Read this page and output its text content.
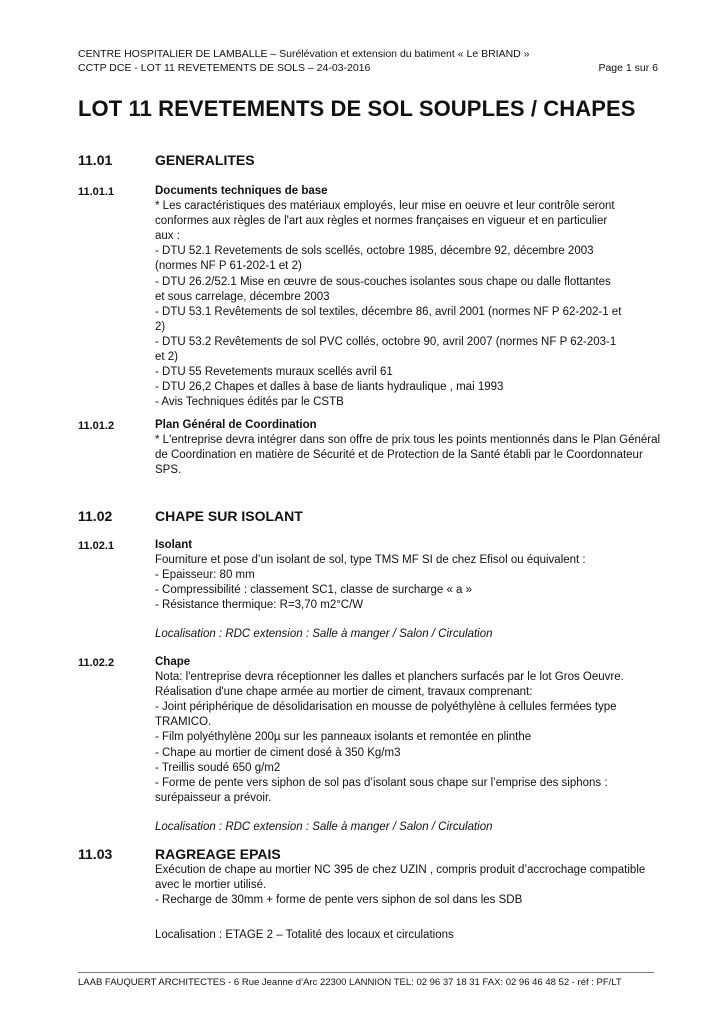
CENTRE HOSPITALIER DE LAMBALLE – Surélévation et extension du batiment « Le BRIAND »
CCTP DCE - LOT 11 REVETEMENTS DE SOLS – 24-03-2016	Page 1 sur 6
LOT 11 REVETEMENTS DE SOL SOUPLES / CHAPES
11.01	GENERALITES
11.01.1	Documents techniques de base
* Les caractéristiques des matériaux employés, leur mise en oeuvre et leur contrôle seront
conformes aux règles de l'art aux règles et normes françaises en vigueur et en particulier
aux :
- DTU 52.1 Revetements de sols scellés, octobre 1985, décembre 92, décembre 2003
(normes NF P 61-202-1 et 2)
- DTU 26.2/52.1 Mise en œuvre de sous-couches isolantes sous chape ou dalle flottantes
et sous carrelage, décembre 2003
- DTU 53.1 Revêtements de sol textiles, décembre 86, avril 2001 (normes NF P 62-202-1 et
2)
- DTU 53.2 Revêtements de sol PVC collés, octobre 90, avril 2007 (normes NF P 62-203-1
et 2)
- DTU 55 Revetements muraux scellés avril 61
- DTU 26,2 Chapes et dalles à base de liants hydraulique , mai 1993
- Avis Techniques édités par le CSTB
11.01.2	Plan Général de Coordination
* L'entreprise devra intégrer dans son offre de prix tous les points mentionnés dans le Plan Général
de Coordination en matière de Sécurité et de Protection de la Santé établi par le Coordonnateur
SPS.
11.02	CHAPE SUR ISOLANT
11.02.1	Isolant
Fourniture et pose d’un isolant de sol, type TMS MF SI de chez Efisol ou équivalent :
- Epaisseur: 80 mm
- Compressibilité : classement SC1, classe de surcharge « a »
- Résistance thermique: R=3,70 m2°C/W
Localisation : RDC extension : Salle à manger / Salon / Circulation
11.02.2	Chape
Nota: l'entreprise devra réceptionner les dalles et planchers surfacés par le lot Gros Oeuvre.
Réalisation d'une chape armée au mortier de ciment, travaux comprenant:
- Joint périphérique de désolidarisation en mousse de polyéthylène à cellules fermées type
TRAMICO.
- Film polyéthylène 200µ sur les panneaux isolants et remontée en plinthe
- Chape au mortier de ciment dosé à 350 Kg/m3
- Treillis soudé 650 g/m2
- Forme de pente vers siphon de sol pas d’isolant sous chape sur l’emprise des siphons :
surépaisseur a prévoir.
Localisation : RDC extension : Salle à manger / Salon / Circulation
11.03	RAGREAGE EPAIS
Exécution de chape au mortier NC 395 de chez UZIN , compris produit d’accrochage compatible
avec le mortier utilisé.
- Recharge de 30mm + forme de pente vers siphon de sol dans les SDB
Localisation : ETAGE 2 – Totalité des locaux et circulations
LAAB FAUQUERT ARCHITECTES - 6 Rue Jeanne d’Arc 22300 LANNION TEL: 02 96 37 18 31 FAX: 02 96 46 48 52 - réf : PF/LT
